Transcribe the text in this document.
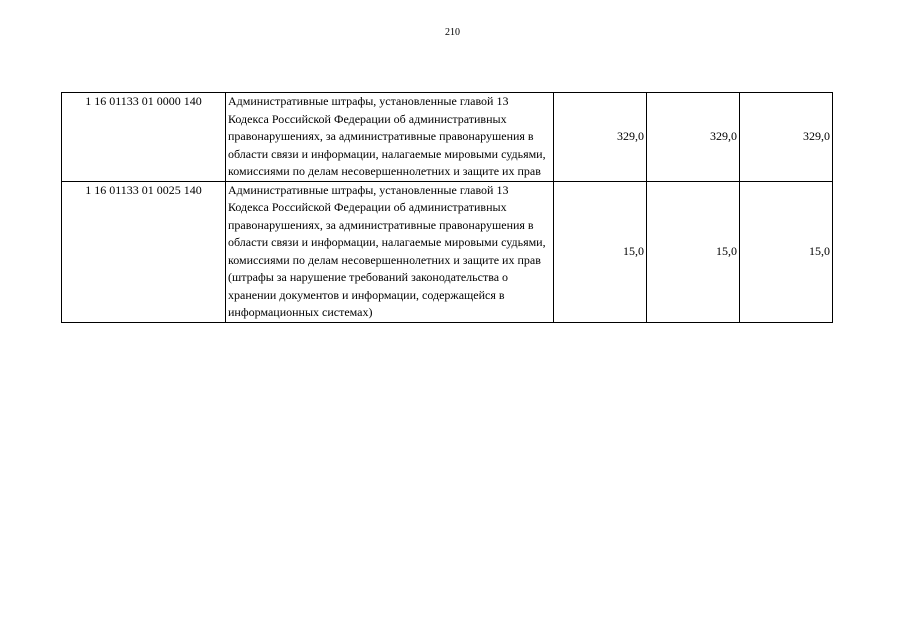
210
1 16 01133 01 0000 140	Административные штрафы, установленные главой 13 Кодекса Российской Федерации об административных правонарушениях, за административные правонарушения в области связи и информации, налагаемые мировыми судьями, комиссиями по делам несовершеннолетних и защите их прав	329,0	329,0	329,0
1 16 01133 01 0025 140	Административные штрафы, установленные главой 13 Кодекса Российской Федерации об административных правонарушениях, за административные правонарушения в области связи и информации, налагаемые мировыми судьями, комиссиями по делам несовершеннолетних и защите их прав (штрафы за нарушение требований законодательства о хранении документов и информации, содержащейся в информационных системах)	15,0	15,0	15,0
